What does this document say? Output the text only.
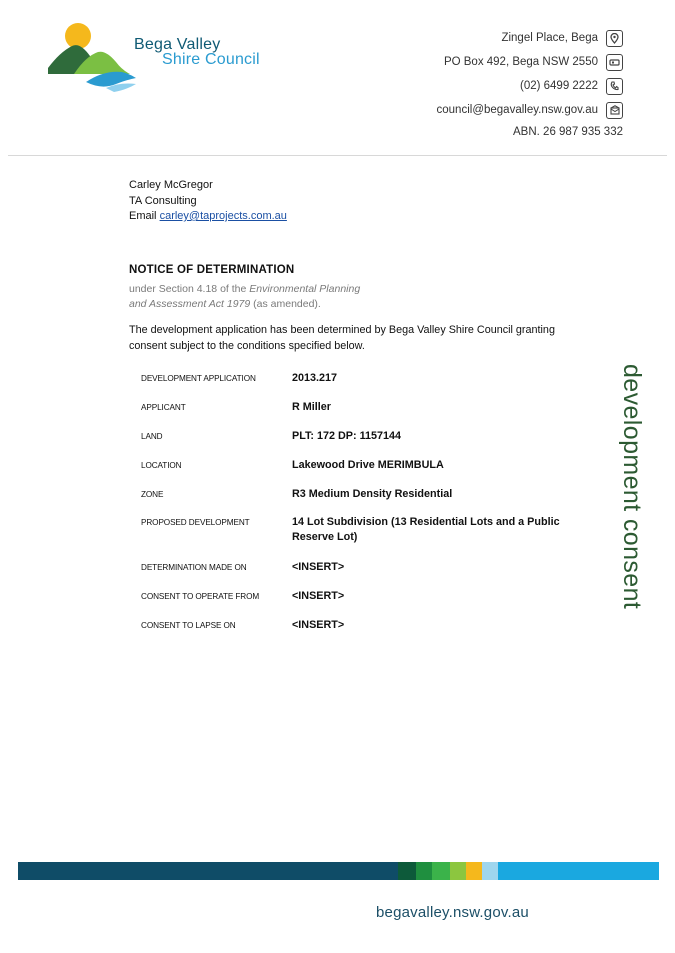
Bega Valley
Shire Council
Zingel Place, Bega
PO Box 492, Bega NSW 2550
(02) 6499 2222
council@begavalley.nsw.gov.au
ABN. 26 987 935 332
Carley McGregor
TA Consulting
Email carley@taprojects.com.au
NOTICE OF DETERMINATION
under Section 4.18 of the Environmental Planning
and Assessment Act 1979 (as amended).
The development application has been determined by Bega Valley Shire Council granting consent subject to the conditions specified below.
DEVELOPMENT APPLICATION	2013.217
APPLICANT	R Miller
LAND	PLT: 172 DP: 1157144
LOCATION	Lakewood Drive MERIMBULA
ZONE	R3 Medium Density Residential
PROPOSED DEVELOPMENT	14 Lot Subdivision (13 Residential Lots and a Public Reserve Lot)
DETERMINATION MADE ON	<INSERT>
CONSENT TO OPERATE FROM	<INSERT>
CONSENT TO LAPSE ON	<INSERT>
development consent
begavalley.nsw.gov.au
